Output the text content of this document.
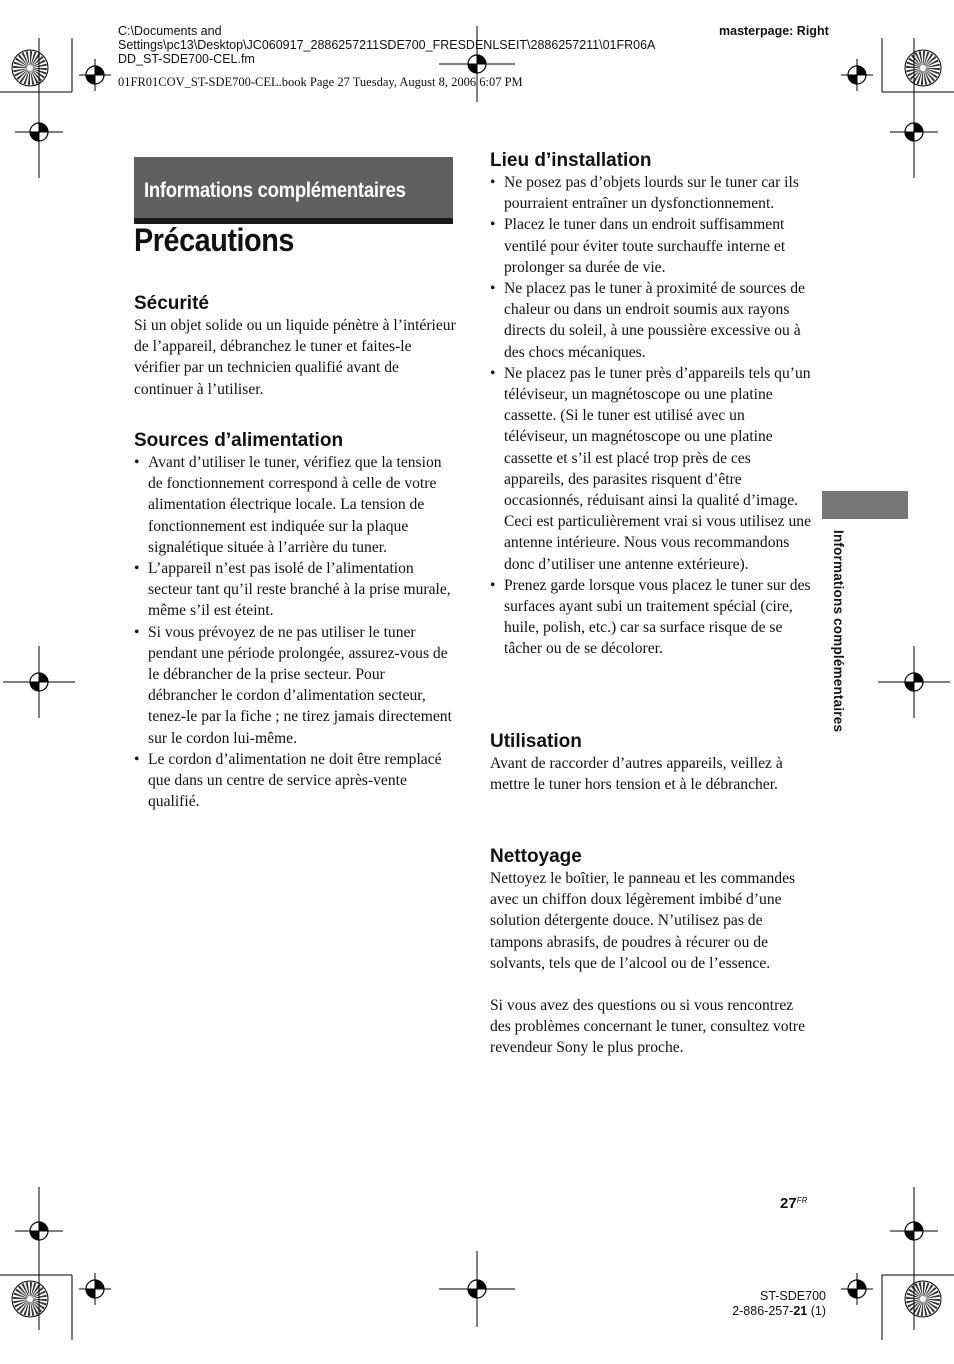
C:\Documents and
Settings\pc13\Desktop\JC060917_2886257211SDE700_FRESDENLSEIT\2886257211\01FR06A
DD_ST-SDE700-CEL.fm
masterpage: Right
01FR01COV_ST-SDE700-CEL.book Page 27 Tuesday, August 8, 2006 6:07 PM
Informations complémentaires
Précautions
Sécurité

Si un objet solide ou un liquide pénètre à l’intérieur de l’appareil, débranchez le tuner et faites-le vérifier par un technicien qualifié avant de continuer à l’utiliser.

Sources d’alimentation
• Avant d’utiliser le tuner, vérifiez que la tension de fonctionnement correspond à celle de votre alimentation électrique locale. La tension de fonctionnement est indiquée sur la plaque signalétique située à l’arrière du tuner.
• L’appareil n’est pas isolé de l’alimentation secteur tant qu’il reste branché à la prise murale, même s’il est éteint.
• Si vous prévoyez de ne pas utiliser le tuner pendant une période prolongée, assurez-vous de le débrancher de la prise secteur. Pour débrancher le cordon d’alimentation secteur, tenez-le par la fiche ; ne tirez jamais directement sur le cordon lui-même.
• Le cordon d’alimentation ne doit être remplacé que dans un centre de service après-vente qualifié.
Lieu d’installation
• Ne posez pas d’objets lourds sur le tuner car ils pourraient entraîner un dysfonctionnement.
• Placez le tuner dans un endroit suffisamment ventilé pour éviter toute surchauffe interne et prolonger sa durée de vie.
• Ne placez pas le tuner à proximité de sources de chaleur ou dans un endroit soumis aux rayons directs du soleil, à une poussière excessive ou à des chocs mécaniques.
• Ne placez pas le tuner près d’appareils tels qu’un téléviseur, un magnétoscope ou une platine cassette. (Si le tuner est utilisé avec un téléviseur, un magnétoscope ou une platine cassette et s’il est placé trop près de ces appareils, des parasites risquent d’être occasionnés, réduisant ainsi la qualité d’image. Ceci est particulièrement vrai si vous utilisez une antenne intérieure. Nous vous recommandons donc d’utiliser une antenne extérieure).
• Prenez garde lorsque vous placez le tuner sur des surfaces ayant subi un traitement spécial (cire, huile, polish, etc.) car sa surface risque de se tâcher ou de se décolorer.
Utilisation

Avant de raccorder d’autres appareils, veillez à mettre le tuner hors tension et à le débrancher.

Nettoyage

Nettoyez le boîtier, le panneau et les commandes avec un chiffon doux légèrement imbibé d’une solution détergente douce. N’utilisez pas de tampons abrasifs, de poudres à récurer ou de solvants, tels que de l’alcool ou de l’essence.

Si vous avez des questions ou si vous rencontrez des problèmes concernant le tuner, consultez votre revendeur Sony le plus proche.

Informations complémentaires
$27^{FR}$
ST-SDE700
2-886-257-21 (1)
